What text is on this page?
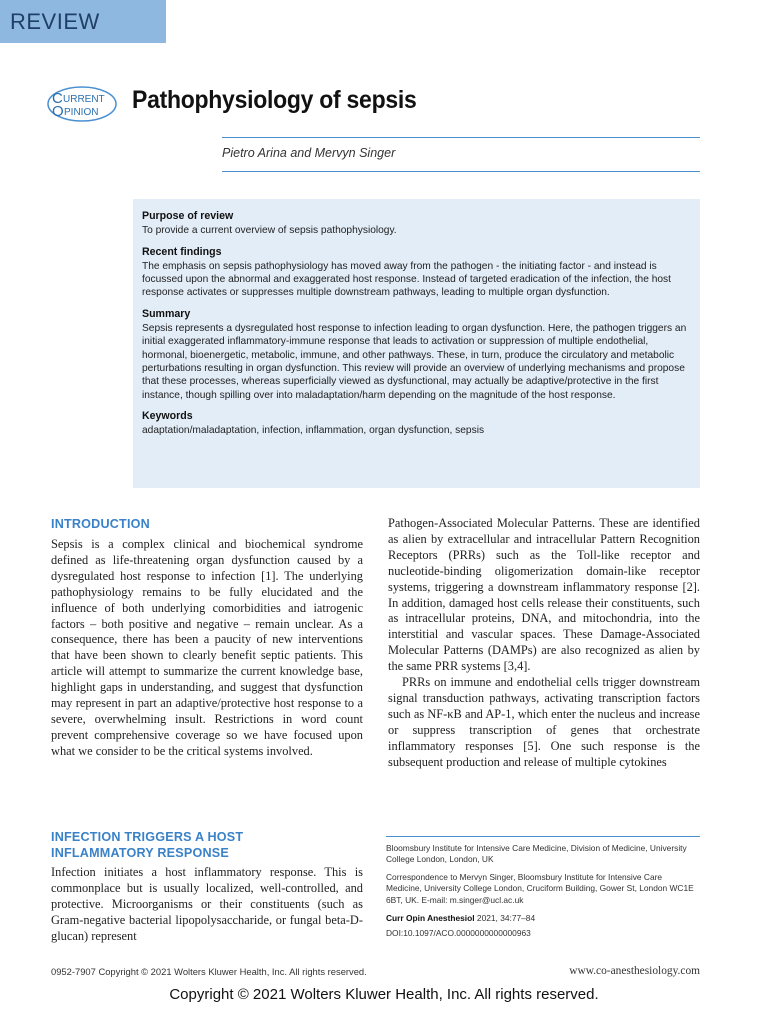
REVIEW
C URRENT
O PINION Pathophysiology of sepsis
Pietro Arina and Mervyn Singer
Purpose of review

To provide a current overview of sepsis pathophysiology.

Recent findings

The emphasis on sepsis pathophysiology has moved away from the pathogen - the initiating factor - and instead is focussed upon the abnormal and exaggerated host response. Instead of targeted eradication of the infection, the host response activates or suppresses multiple downstream pathways, leading to multiple organ dysfunction.

Summary

Sepsis represents a dysregulated host response to infection leading to organ dysfunction. Here, the pathogen triggers an initial exaggerated inflammatory-immune response that leads to activation or suppression of multiple endothelial, hormonal, bioenergetic, metabolic, immune, and other pathways. These, in turn, produce the circulatory and metabolic perturbations resulting in organ dysfunction. This review will provide an overview of underlying mechanisms and propose that these processes, whereas superficially viewed as dysfunctional, may actually be adaptive/protective in the first instance, though spilling over into maladaptation/harm depending on the magnitude of the host response.

Keywords

adaptation/maladaptation, infection, inflammation, organ dysfunction, sepsis

INTRODUCTION

Sepsis is a complex clinical and biochemical syndrome defined as life-threatening organ dysfunction caused by a dysregulated host response to infection [1]. The underlying pathophysiology remains to be fully elucidated and the influence of both underlying comorbidities and iatrogenic factors – both positive and negative – remain unclear. As a consequence, there has been a paucity of new interventions that have been shown to clearly benefit septic patients. This article will attempt to summarize the current knowledge base, highlight gaps in understanding, and suggest that dysfunction may represent in part an adaptive/protective host response to a severe, overwhelming insult. Restrictions in word count prevent comprehensive coverage so we have focused upon what we consider to be the critical systems involved.

INFECTION TRIGGERS A HOST
INFLAMMATORY RESPONSE

Infection initiates a host inflammatory response. This is commonplace but is usually localized, well-controlled, and protective. Microorganisms or their constituents (such as Gram-negative bacterial lipopolysaccharide, or fungal beta-D-glucan) represent

Pathogen-Associated Molecular Patterns. These are identified as alien by extracellular and intracellular Pattern Recognition Receptors (PRRs) such as the Toll-like receptor and nucleotide-binding oligomerization domain-like receptor systems, triggering a downstream inflammatory response [2]. In addition, damaged host cells release their constituents, such as intracellular proteins, DNA, and mitochondria, into the interstitial and vascular spaces. These Damage-Associated Molecular Patterns (DAMPs) are also recognized as alien by the same PRR systems [3,4].

PRRs on immune and endothelial cells trigger downstream signal transduction pathways, activating transcription factors such as NF-κB and AP-1, which enter the nucleus and increase or suppress transcription of genes that orchestrate inflammatory responses [5]. One such response is the subsequent production and release of multiple cytokines

Bloomsbury Institute for Intensive Care Medicine, Division of Medicine, University College London, London, UK
Correspondence to Mervyn Singer, Bloomsbury Institute for Intensive Care Medicine, University College London, Cruciform Building, Gower St, London WC1E 6BT, UK. E-mail: m.singer@ucl.ac.uk
Curr Opin Anesthesiol 2021, 34:77–84
DOI:10.1097/ACO.0000000000000963
0952-7907 Copyright © 2021 Wolters Kluwer Health, Inc. All rights reserved.	www.co-anesthesiology.com
Copyright © 2021 Wolters Kluwer Health, Inc. All rights reserved.
